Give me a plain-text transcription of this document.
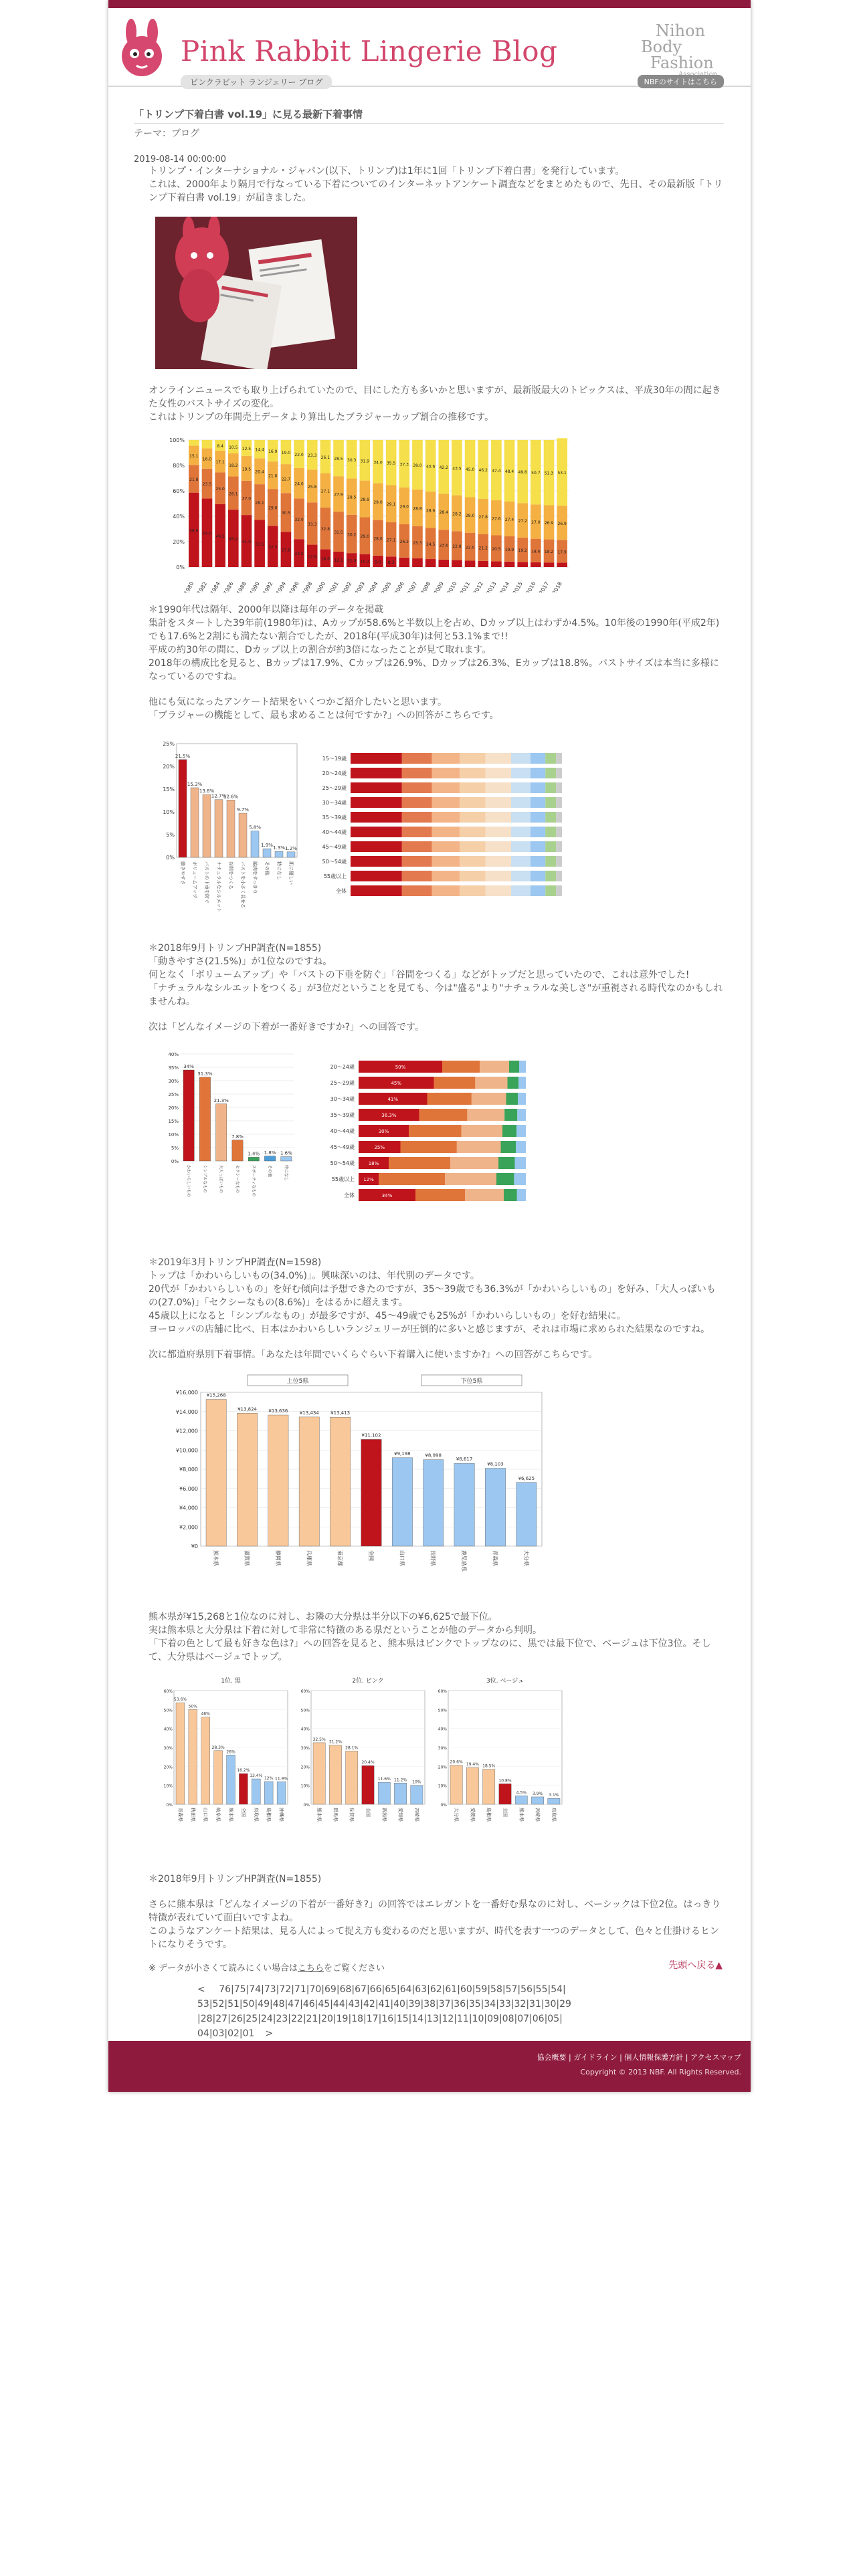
Pink Rabbit Lingerie Blog
ピンクラビット ランジェリー ブログ
Nihon
Body
Fashion
NBFのサイトはこちら
「トリンプ下着白書 vol.19」に見る最新下着事情
テーマ：ブログ
2019-08-14 00:00:00

トリンプ・インターナショナル・ジャパン(以下、トリンプ)は1年に1回「トリンプ下着白書」を発行しています。

これは、2000年より隔月で行なっている下着についてのインターネットアンケート調査などをまとめたもので、先日、その最新版「トリンプ下着白書 vol.19」が届きました。

オンラインニュースでも取り上げられていたので、目にした方も多いかと思いますが、最新版最大のトピックスは、平成30年の間に起きた女性のバストサイズの変化。

これはトリンプの年間売上データより算出したブラジャーカップ割合の推移です。

0%
20%
40%
60%
80%
100%
58.6
21.8
15.1
1980
54.0
23.5
16.0
1982
49.5
25.0
17.1
8.4
1984
45.2
26.1
18.2
10.5
1986
41.0
27.0
19.5
12.5
1988
37.1
28.1
20.4
14.4
1990
32.5
29.0
21.6
16.9
1992
27.8
30.5
22.7
19.0
1994
22.0
32.0
24.0
22.0
1996
17.6
33.3
25.8
23.3
1998
14.0
32.8
27.1
26.1
2000
12.1
31.5
27.9
28.5
2001
11.0
30.2
28.5
30.3
2002
10.2
29.0
28.9
31.9
2003
9.0
28.0
29.0
34.0
2004
8.3
27.1
29.1
35.5
2005
26.2
29.0
37.3
2006
25.3
28.8
39.0
2007
24.5
28.6
40.6
2008
23.6
28.4
42.2
2009
22.8
28.2
43.5
2010
22.0
28.0
45.0
2011
21.2
27.8
46.2
2012
20.5
27.6
47.4
2013
19.9
27.4
48.4
2014
19.2
27.2
49.6
2015
18.6
27.0
50.7
2016
18.2
26.9
51.3
2017
17.9
26.9
53.1
2018

＊1990年代は隔年、2000年以降は毎年のデータを掲載

集計をスタートした39年前(1980年)は、Aカップが58.6%と半数以上を占め、Dカップ以上はわずか4.5%。10年後の1990年(平成2年)でも17.6%と2割にも満たない割合でしたが、2018年(平成30年)は何と53.1%まで!!

平成の約30年の間に、Dカップ以上の割合が約3倍になったことが見て取れます。

2018年の構成比を見ると、Bカップは17.9%、Cカップは26.9%、Dカップは26.3%、Eカップは18.8%。バストサイズは本当に多様になっているのですね。

他にも気になったアンケート結果をいくつかご紹介したいと思います。

「ブラジャーの機能として、最も求めることは何ですか?」への回答がこちらです。

0%
5%
10%
15%
20%
25%
21.5%
動きやすさ
15.3%
ボリュームアップ
13.8%
バストの下垂を防ぐ
12.7%
ナチュラルなシルエット
12.6%
谷間をつくる
9.7%
バストを小さく見せる
5.8%
脇肉をすっきり
1.9%
その他
1.3%
特になし
1.2%
肌に優しい
15〜19歳
20〜24歳
25〜29歳
30〜34歳
35〜39歳
40〜44歳
45〜49歳
50〜54歳
55歳以上
全体

＊2018年9月トリンプHP調査(N=1855)

「動きやすさ(21.5%)」が1位なのですね。

何となく「ボリュームアップ」や「バストの下垂を防ぐ」「谷間をつくる」などがトップだと思っていたので、これは意外でした!

「ナチュラルなシルエットをつくる」が3位だということを見ても、今は"盛る"より"ナチュラルな美しさ"が重視される時代なのかもしれませんね。

次は「どんなイメージの下着が一番好きですか?」への回答です。

0%
5%
10%
15%
20%
25%
30%
35%
40%
34%
かわいらしいもの
31.3%
シンプルなもの
21.3%
大人っぽいもの
7.8%
セクシーなもの
1.4%
スポーティなもの
1.8%
その他
1.6%
特になし
20〜24歳	50%
25〜29歳	45%
30〜34歳	41%
35〜39歳	36.3%
40〜44歳	30%
45〜49歳	25%
50〜54歳	18%
55歳以上 12%
全体	34%

＊2019年3月トリンプHP調査(N=1598)

トップは「かわいらしいもの(34.0%)」。興味深いのは、年代別のデータです。

20代が「かわいらしいもの」を好む傾向は予想できたのですが、35〜39歳でも36.3%が「かわいらしいもの」を好み、「大人っぽいもの(27.0%)」「セクシーなもの(8.6%)」をはるかに超えます。

45歳以上になると「シンプルなもの」が最多ですが、45〜49歳でも25%が「かわいらしいもの」を好む結果に。

ヨーロッパの店舗に比べ、日本はかわいらしいランジェリーが圧倒的に多いと感じますが、それは市場に求められた結果なのですね。

次に都道府県別下着事情。「あなたは年間でいくらぐらい下着購入に使いますか?」への回答がこちらです。

上位5県	下位5県
¥0
¥2,000
¥4,000
¥6,000
¥8,000
¥10,000
¥12,000
¥14,000
¥16,000 ¥15,268
熊本県
¥13,824
滋賀県
¥13,636
静岡県
¥13,434
兵庫県
¥13,413
東京都
¥11,102
全国
¥9,198
山口県
¥8,998
長野県
¥8,617
鹿児島県
¥8,103
青森県
¥6,625
大分県

熊本県が¥15,268と1位なのに対し、お隣の大分県は半分以下の¥6,625で最下位。

実は熊本県と大分県は下着に対して非常に特徴のある県だということが他のデータから判明。

「下着の色として最も好きな色は?」への回答を見ると、熊本県はピンクでトップなのに、黒では最下位で、ベージュは下位3位。そして、大分県はベージュでトップ。

1位. 黒
0%
10%
20%
30%
40%
50%
60%
53.6%
青森県
50%
秋田県
46%
山口県
28.3%
岐阜県
26%
熊本県
16.2%
全国
13.4%
鳥取県
12%
島根県
11.9%
沖縄県
2位. ピンク
0%
10%
20%
30%
40%
50%
60%
32.5%
熊本県
31.2%
群馬県
28.1%
佐賀県
20.4%
全国
11.6%
新潟県
11.2%
愛知県
10%
宮崎県
3位. ベージュ
0%
10%
20%
30%
40%
50%
60%
20.6%
大分県
19.4%
愛媛県
18.5%
島根県
10.8%
全国
4.5%
熊本県
3.9%
宮崎県
3.1%
鳥取県

＊2018年9月トリンプHP調査(N=1855)

さらに熊本県は「どんなイメージの下着が一番好き?」の回答ではエレガントを一番好む県なのに対し、ベーシックは下位2位。はっきり特徴が表れていて面白いですよね。

このようなアンケート結果は、見る人によって捉え方も変わるのだと思いますが、時代を表す一つのデータとして、色々と仕掛けるヒントになりそうです。

※ データが小さくて読みにくい場合はこちらをご覧ください	先頭へ戻る▲
< 76|75|74|73|72|71|70|69|68|67|66|65|64|63|62|61|60|59|58|57|56|55|54|53|52|51|50|49|48|47|46|45|44|43|42|41|40|39|38|37|36|35|34|33|32|31|30|29|28|27|26|25|24|23|22|21|20|19|18|17|16|15|14|13|12|11|10|09|08|07|06|05|04|03|02|01 >
協会概要 | ガイドライン | 個人情報保護方針 | アクセスマップ
Copyright © 2013 NBF. All Rights Reserved.
